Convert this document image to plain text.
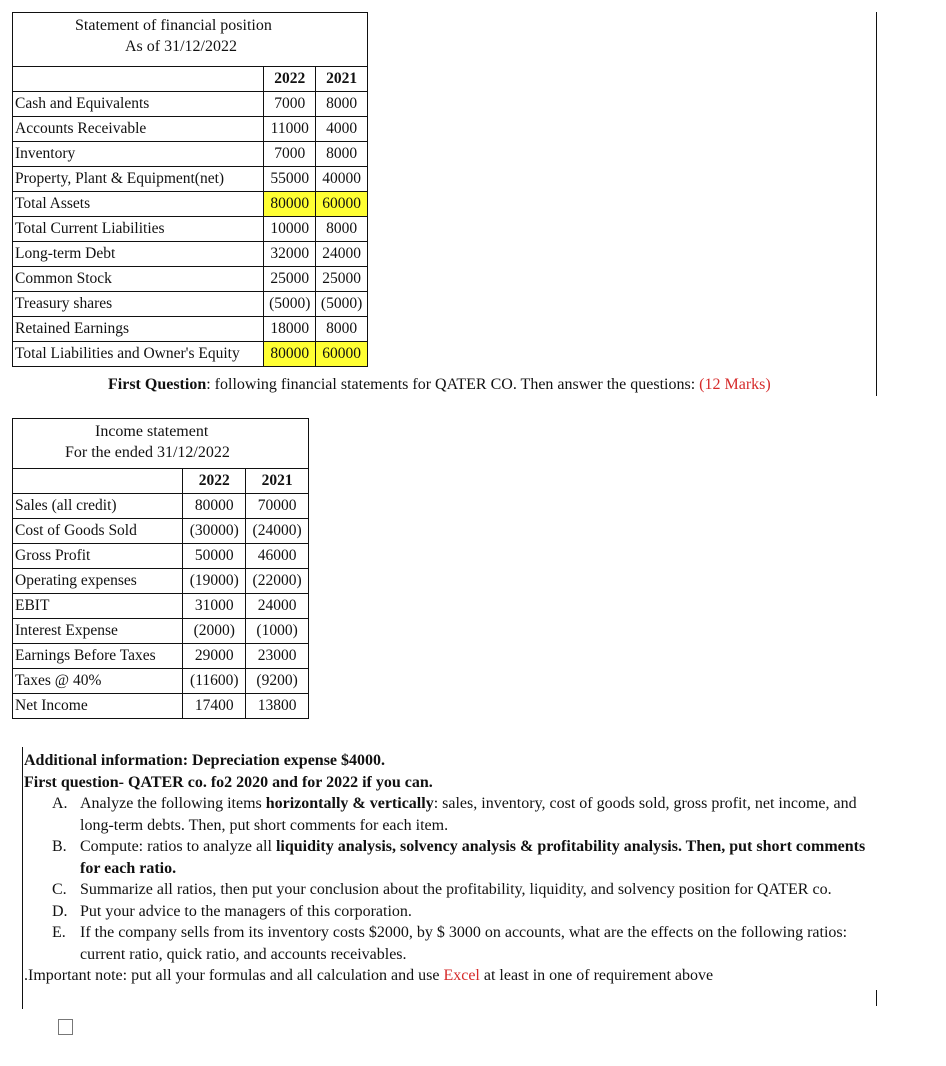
Statement of financial position
As of 31/12/2022
	2022	2021
Cash and Equivalents	7000	8000
Accounts Receivable	11000	4000
Inventory	7000	8000
Property, Plant & Equipment(net)	55000	40000
Total Assets	80000	60000
Total Current Liabilities	10000	8000
Long-term Debt	32000	24000
Common Stock	25000	25000
Treasury shares	(5000)	(5000)
Retained Earnings	18000	8000
Total Liabilities and Owner's Equity	80000	60000
First Question: following financial statements for QATER CO. Then answer the questions: (12 Marks)
Income statement
For the ended 31/12/2022
	2022	2021
Sales (all credit)	80000	70000
Cost of Goods Sold	(30000)	(24000)
Gross Profit	50000	46000
Operating expenses	(19000)	(22000)
EBIT	31000	24000
Interest Expense	(2000)	(1000)
Earnings Before Taxes	29000	23000
Taxes @ 40%	(11600)	(9200)
Net Income	17400	13800
Additional information: Depreciation expense $4000.
First question- QATER co. fo2 2020 and for 2022 if you can.
A. Analyze the following items horizontally & vertically: sales, inventory, cost of goods sold, gross profit, net income, and long-term debts. Then, put short comments for each item.
B. Compute: ratios to analyze all liquidity analysis, solvency analysis & profitability analysis. Then, put short comments for each ratio.
C. Summarize all ratios, then put your conclusion about the profitability, liquidity, and solvency position for QATER co.
D. Put your advice to the managers of this corporation.
E. If the company sells from its inventory costs $2000, by $ 3000 on accounts, what are the effects on the following ratios: current ratio, quick ratio, and accounts receivables.
.Important note: put all your formulas and all calculation and use Excel at least in one of requirement above
